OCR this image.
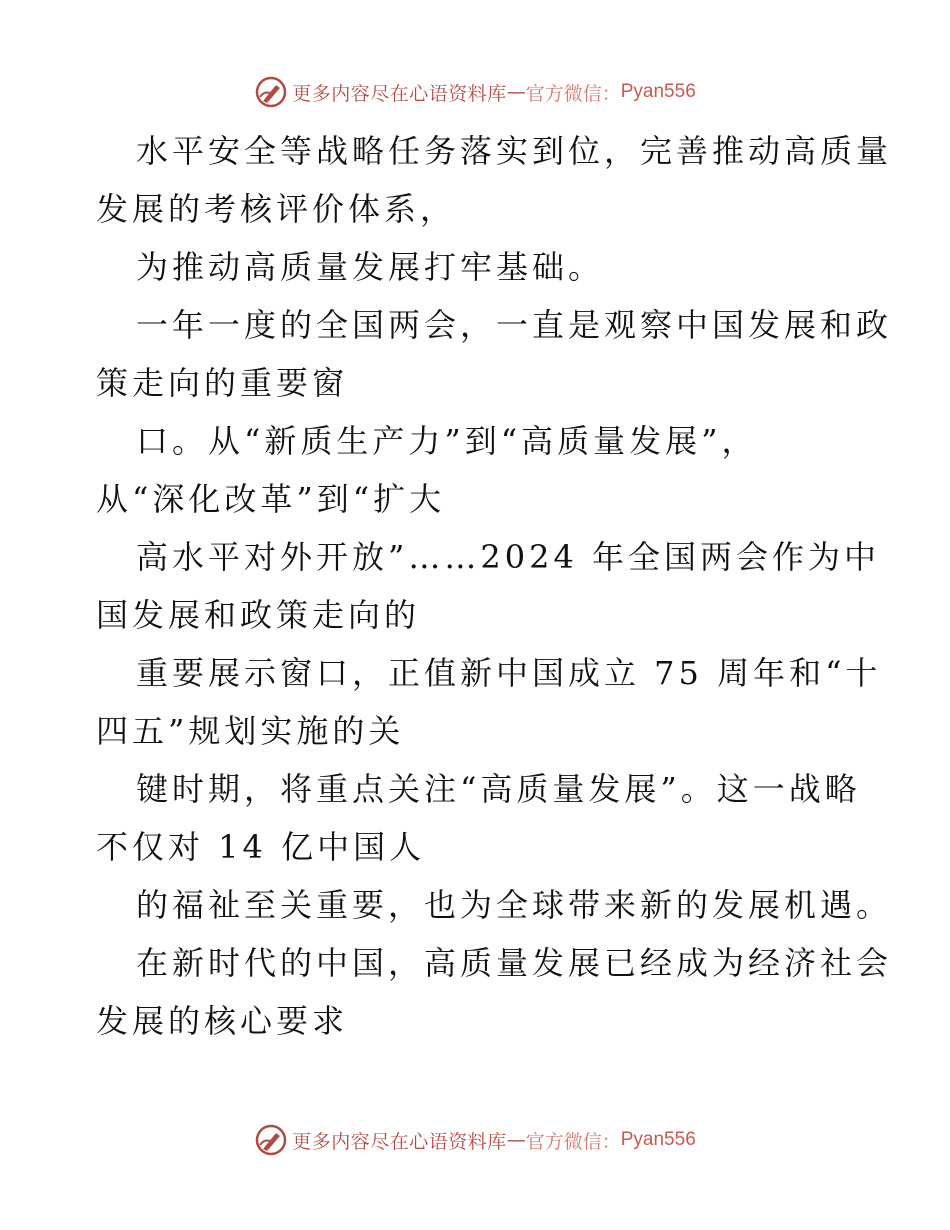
更多内容尽在心语资料库 — 官方微信： Pyan556
水平安全等战略任务落实到位，完善推动高质量
发展的考核评价体系，
为推动高质量发展打牢基础。
一年一度的全国两会，一直是观察中国发展和政
策走向的重要窗
口。从“新质生产力”到“高质量发展”，
从“深化改革”到“扩大
高水平对外开放”……2024 年全国两会作为中
国发展和政策走向的
重要展示窗口，正值新中国成立 75 周年和“十
四五”规划实施的关
键时期，将重点关注“高质量发展”。这一战略
不仅对 14 亿中国人
的福祉至关重要，也为全球带来新的发展机遇。
在新时代的中国，高质量发展已经成为经济社会
发展的核心要求
更多内容尽在心语资料库 — 官方微信： Pyan556
